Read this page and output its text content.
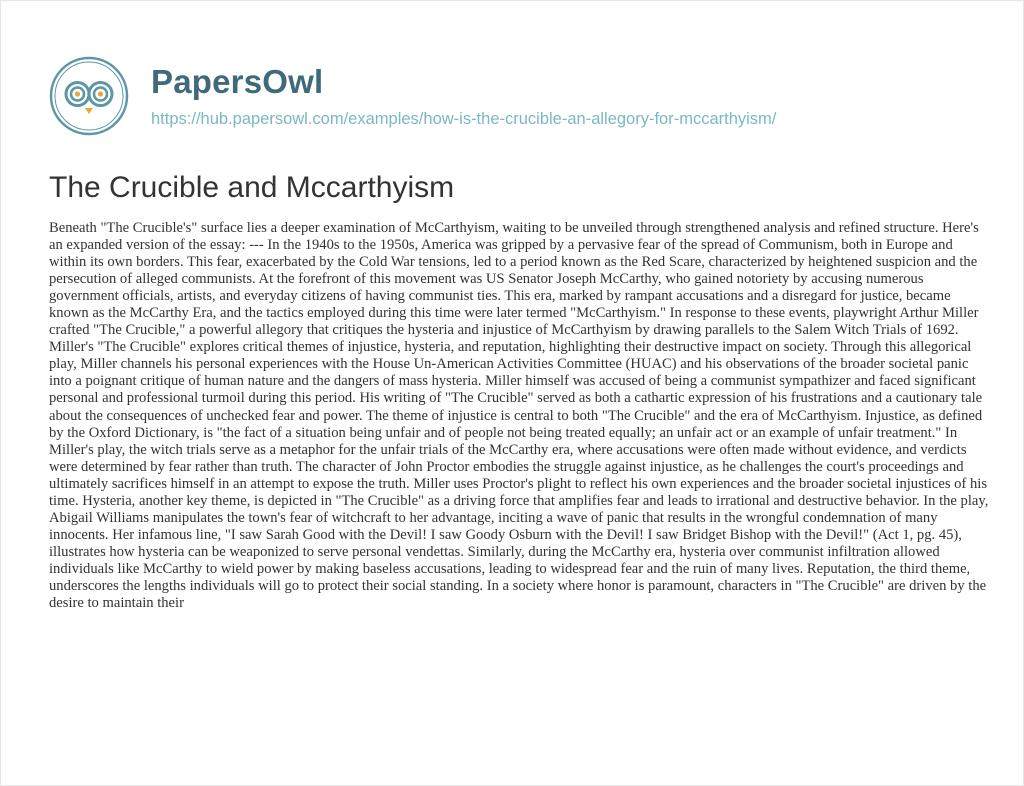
PapersOwl
https://hub.papersowl.com/examples/how-is-the-crucible-an-allegory-for-mccarthyism/
The Crucible and Mccarthyism

Beneath "The Crucible's" surface lies a deeper examination of McCarthyism, waiting to be unveiled through strengthened analysis and refined structure. Here's an expanded version of the essay: --- In the 1940s to the 1950s, America was gripped by a pervasive fear of the spread of Communism, both in Europe and within its own borders. This fear, exacerbated by the Cold War tensions, led to a period known as the Red Scare, characterized by heightened suspicion and the persecution of alleged communists. At the forefront of this movement was US Senator Joseph McCarthy, who gained notoriety by accusing numerous government officials, artists, and everyday citizens of having communist ties. This era, marked by rampant accusations and a disregard for justice, became known as the McCarthy Era, and the tactics employed during this time were later termed "McCarthyism." In response to these events, playwright Arthur Miller crafted "The Crucible," a powerful allegory that critiques the hysteria and injustice of McCarthyism by drawing parallels to the Salem Witch Trials of 1692. Miller's "The Crucible" explores critical themes of injustice, hysteria, and reputation, highlighting their destructive impact on society. Through this allegorical play, Miller channels his personal experiences with the House Un-American Activities Committee (HUAC) and his observations of the broader societal panic into a poignant critique of human nature and the dangers of mass hysteria. Miller himself was accused of being a communist sympathizer and faced significant personal and professional turmoil during this period. His writing of "The Crucible" served as both a cathartic expression of his frustrations and a cautionary tale about the consequences of unchecked fear and power. The theme of injustice is central to both "The Crucible" and the era of McCarthyism. Injustice, as defined by the Oxford Dictionary, is "the fact of a situation being unfair and of people not being treated equally; an unfair act or an example of unfair treatment." In Miller's play, the witch trials serve as a metaphor for the unfair trials of the McCarthy era, where accusations were often made without evidence, and verdicts were determined by fear rather than truth. The character of John Proctor embodies the struggle against injustice, as he challenges the court's proceedings and ultimately sacrifices himself in an attempt to expose the truth. Miller uses Proctor's plight to reflect his own experiences and the broader societal injustices of his time. Hysteria, another key theme, is depicted in "The Crucible" as a driving force that amplifies fear and leads to irrational and destructive behavior. In the play, Abigail Williams manipulates the town's fear of witchcraft to her advantage, inciting a wave of panic that results in the wrongful condemnation of many innocents. Her infamous line, "I saw Sarah Good with the Devil! I saw Goody Osburn with the Devil! I saw Bridget Bishop with the Devil!" (Act 1, pg. 45), illustrates how hysteria can be weaponized to serve personal vendettas. Similarly, during the McCarthy era, hysteria over communist infiltration allowed individuals like McCarthy to wield power by making baseless accusations, leading to widespread fear and the ruin of many lives. Reputation, the third theme, underscores the lengths individuals will go to protect their social standing. In a society where honor is paramount, characters in "The Crucible" are driven by the desire to maintain their
